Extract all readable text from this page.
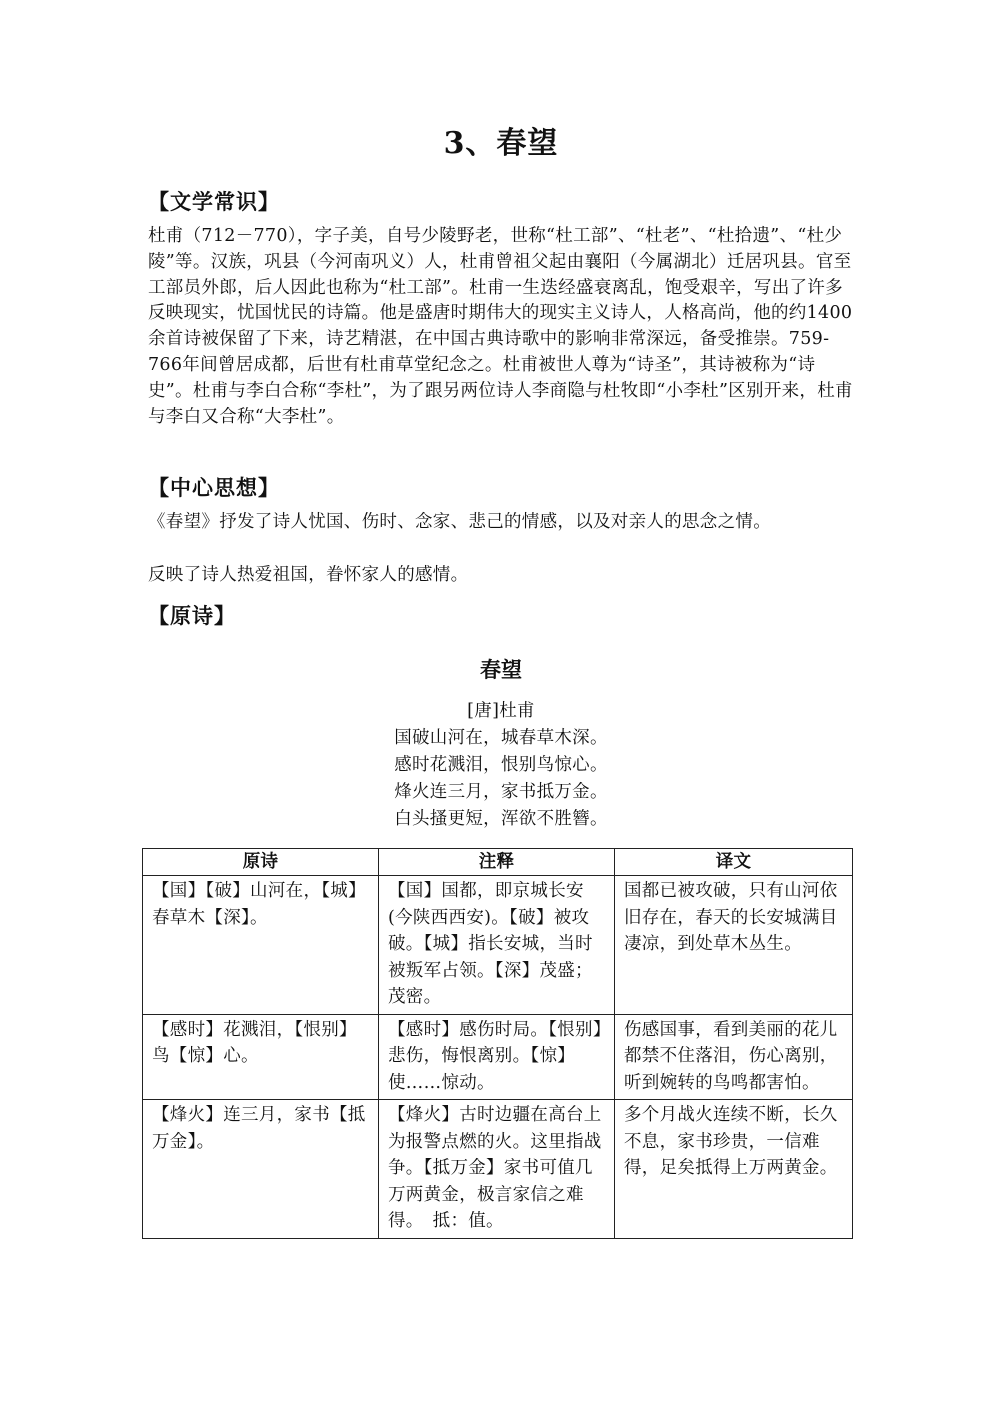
3、春望
【文学常识】
杜甫（712－770），字子美，自号少陵野老，世称“杜工部”、“杜老”、“杜拾遗”、“杜少陵”等。汉族，巩县（今河南巩义）人，杜甫曾祖父起由襄阳（今属湖北）迁居巩县。官至工部员外郎，后人因此也称为“杜工部”。杜甫一生迭经盛衰离乱，饱受艰辛，写出了许多反映现实，忧国忧民的诗篇。他是盛唐时期伟大的现实主义诗人，人格高尚，他的约1400余首诗被保留了下来，诗艺精湛，在中国古典诗歌中的影响非常深远，备受推崇。759-766年间曾居成都，后世有杜甫草堂纪念之。杜甫被世人尊为“诗圣”，其诗被称为“诗史”。杜甫与李白合称“李杜”，为了跟另两位诗人李商隐与杜牧即“小李杜”区别开来，杜甫与李白又合称“大李杜”。
【中心思想】
《春望》抒发了诗人忧国、伤时、念家、悲己的情感，以及对亲人的思念之情。
反映了诗人热爱祖国，眷怀家人的感情。
【原诗】
春望
[唐]杜甫
国破山河在，城春草木深。
感时花溅泪，恨别鸟惊心。
烽火连三月，家书抵万金。
白头搔更短，浑欲不胜簪。
原诗	注释	译文
【国】【破】山河在，【城】春草木【深】。	【国】国都，即京城长安(今陕西西安)。【破】被攻破。【城】指长安城，当时被叛军占领。【深】茂盛；茂密。	国都已被攻破，只有山河依旧存在，春天的长安城满目凄凉，到处草木丛生。
【感时】花溅泪，【恨别】鸟【惊】心。	【感时】感伤时局。【恨别】悲伤，悔恨离别。【惊】使……惊动。	伤感国事，看到美丽的花儿都禁不住落泪，伤心离别，听到婉转的鸟鸣都害怕。
【烽火】连三月，家书【抵万金】。	【烽火】古时边疆在高台上为报警点燃的火。这里指战争。【抵万金】家书可值几万两黄金，极言家信之难得。　抵：值。	多个月战火连续不断，长久不息，家书珍贵，一信难得，足矣抵得上万两黄金。
